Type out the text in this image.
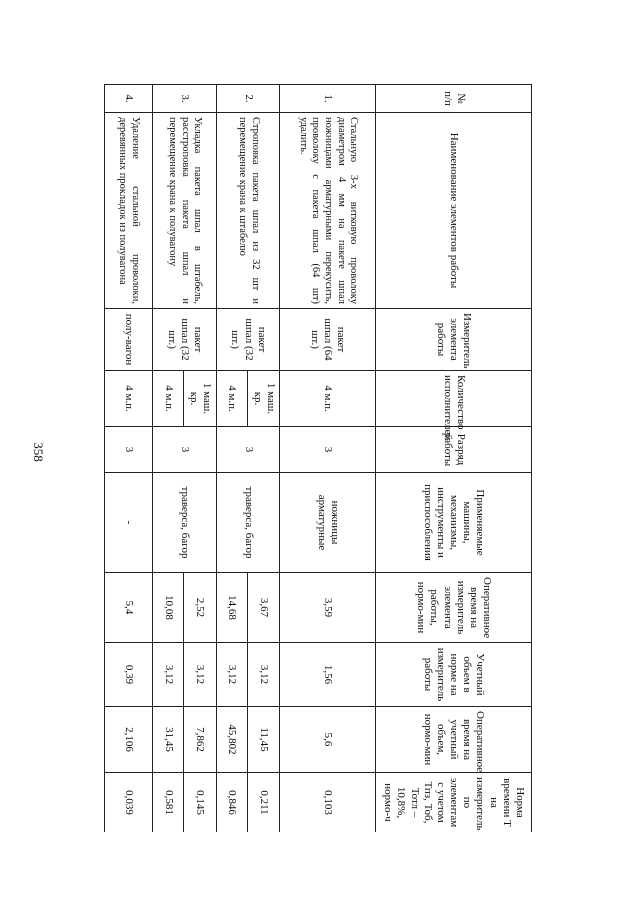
358
№ п/п	Наименование элементов работы	Измеритель элемента работы	Количество исполнителей	Разряд работы	Применяемые машины, механизмы, инструменты и приспособления	Оперативное время на измеритель элемента работы, нормо-мин	Учетный объем в норме на измеритель работы	Оперативное время на учетный объем, нормо-мин	Норма времени Т на измеритель по элементам с учетом Тпз, Тоб, Тотл – 10,8%, нормо-ч
1.	Стальную 3-х витковую проволоку диаметром 4 мм на пакете шпал ножницами арматурными перекусить, проволоку с пакета шпал (64 шт) удалить.	пакет шпал (64 шт.)	4 м.п.	3	ножницы арматурные	3,59	1,56	5,6	0,103
2.	Строповка пакета шпал из 32 шт и перемещение крана к штабелю	пакет шпал (32 шт.)	1 маш. кр.	3	траверса, багор	3,67	3,12	11,45	0,211
			4 м.п.			14,68	3,12	45,802	0,846
3.	Укладка пакета шпал в штабель, расстроповка пакета шпал и перемещение крана к полувагону	пакет шпал (32 шт.)	1 маш. кр.	3	траверса, багор	2,52	3,12	7,862	0,145
			4 м.п.			10,08	3,12	31,45	0,581
4.	Удаление стальной проволоки, деревянных прокладок из полувагона	полу-вагон	4 м.п.	3	-	5,4	0,39	2,106	0,039
